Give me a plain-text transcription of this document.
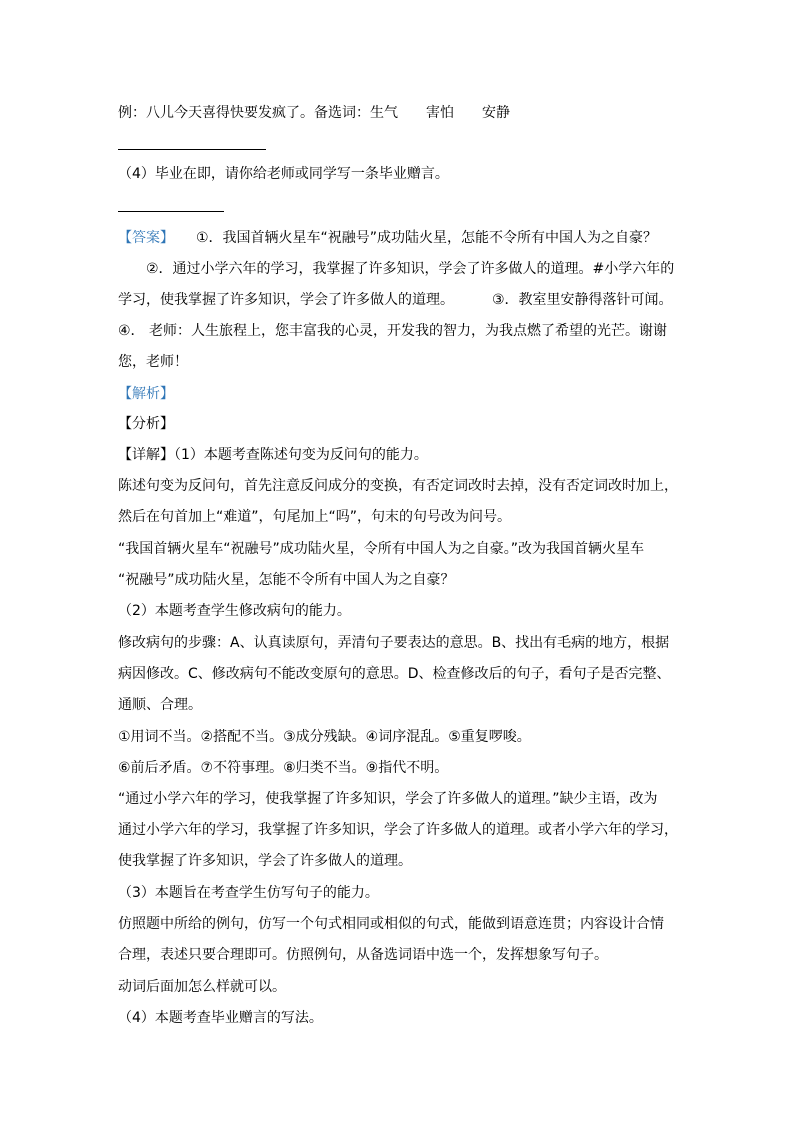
例：八儿今天喜得快要发疯了。备选词：生气 害怕 安静
（4）毕业在即，请你给老师或同学写一条毕业赠言。
【答案】 ①．我国首辆火星车“祝融号”成功陆火星，怎能不令所有中国人为之自豪？
②．通过小学六年的学习，我掌握了许多知识，学会了许多做人的道理。#小学六年的
学习，使我掌握了许多知识，学会了许多做人的道理。	③．教室里安静得落针可闻。
④． 老师：人生旅程上，您丰富我的心灵，开发我的智力，为我点燃了希望的光芒。谢谢
您，老师！
【解析】
【分析】
【详解】（1）本题考查陈述句变为反问句的能力。
陈述句变为反问句，首先注意反问成分的变换，有否定词改时去掉，没有否定词改时加上，
然后在句首加上“难道”，句尾加上“吗”，句末的句号改为问号。
“我国首辆火星车“祝融号”成功陆火星，令所有中国人为之自豪。”改为我国首辆火星车
“祝融号”成功陆火星，怎能不令所有中国人为之自豪？
（2）本题考查学生修改病句的能力。
修改病句的步骤：A、认真读原句，弄清句子要表达的意思。B、找出有毛病的地方，根据
病因修改。C、修改病句不能改变原句的意思。D、检查修改后的句子，看句子是否完整、
通顺、合理。
①用词不当。②搭配不当。③成分残缺。④词序混乱。⑤重复啰唆。
⑥前后矛盾。⑦不符事理。⑧归类不当。⑨指代不明。
“通过小学六年的学习，使我掌握了许多知识，学会了许多做人的道理。”缺少主语，改为
通过小学六年的学习，我掌握了许多知识，学会了许多做人的道理。或者小学六年的学习，
使我掌握了许多知识，学会了许多做人的道理。
（3）本题旨在考查学生仿写句子的能力。
仿照题中所给的例句，仿写一个句式相同或相似的句式，能做到语意连贯；内容设计合情
合理，表述只要合理即可。仿照例句，从备选词语中选一个，发挥想象写句子。
动词后面加怎么样就可以。
（4）本题考查毕业赠言的写法。
